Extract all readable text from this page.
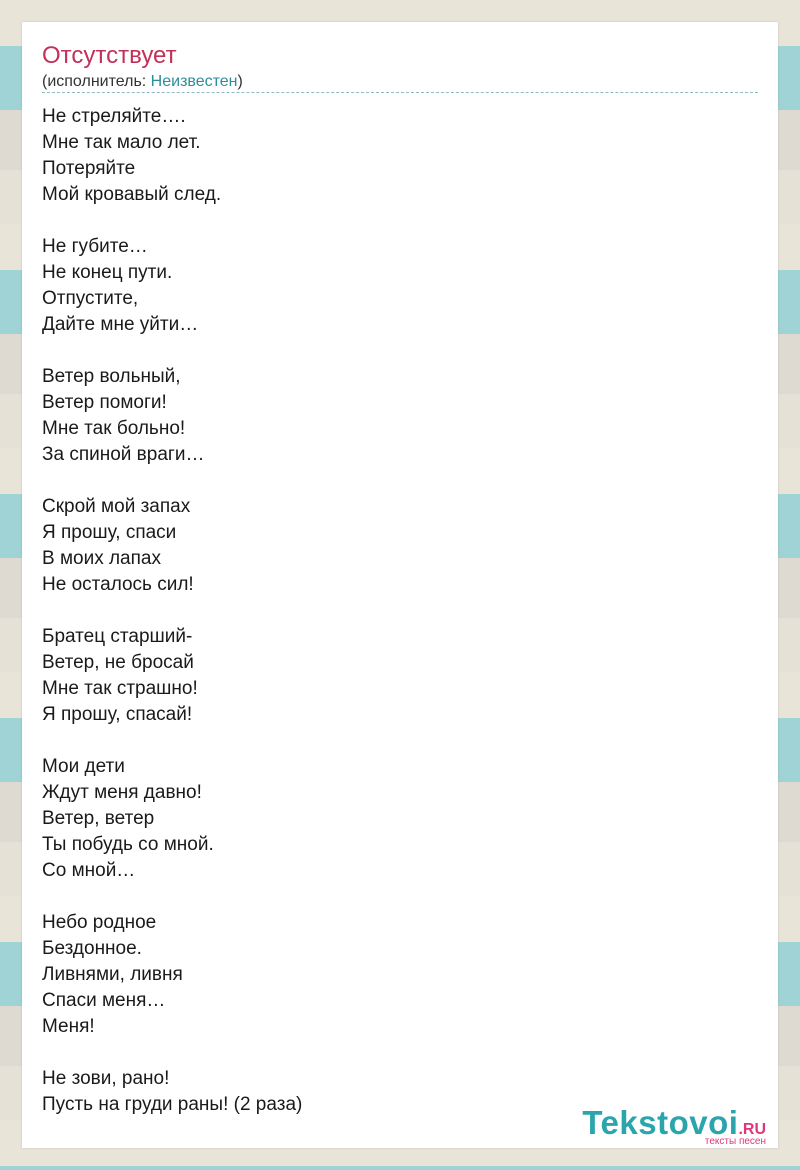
Отсутствует
(исполнитель: Неизвестен)
Не стреляйте….
Мне так мало лет.
Потеряйте
Мой кровавый след.
Не губите…
Не конец пути.
Отпустите,
Дайте мне уйти…
Ветер вольный,
Ветер помоги!
Мне так больно!
За спиной враги…
Скрой мой запах
Я прошу, спаси
В моих лапах
Не осталось сил!
Братец старший-
Ветер, не бросай
Мне так страшно!
Я прошу, спасай!
Мои дети
Ждут меня давно!
Ветер, ветер
Ты побудь со мной.
Со мной…
Небо родное
Бездонное.
Ливнями, ливня
Спаси меня…
Меня!
Не зови, рано!
Пусть на груди раны! (2 раза)	Tekstovoi.RU
тексты песен
